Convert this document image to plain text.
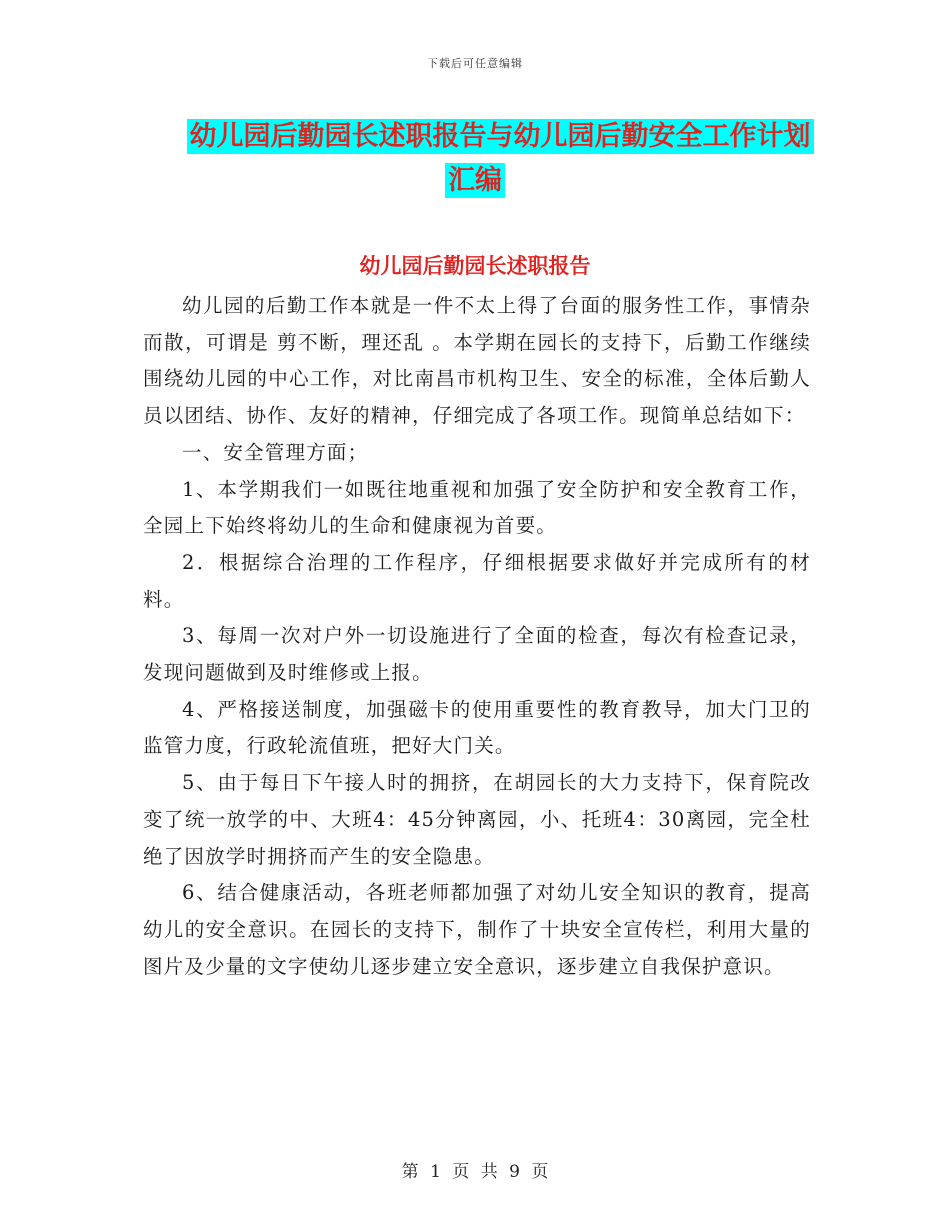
下载后可任意编辑
幼儿园后勤园长述职报告与幼儿园后勤安全工作计划
汇编
幼儿园后勤园长述职报告

幼儿园的后勤工作本就是一件不太上得了台面的服务性工作，事情杂而散，可谓是 剪不断，理还乱 。本学期在园长的支持下，后勤工作继续围绕幼儿园的中心工作，对比南昌市机构卫生、安全的标准，全体后勤人员以团结、协作、友好的精神，仔细完成了各项工作。现简单总结如下：

一、安全管理方面；

1、本学期我们一如既往地重视和加强了安全防护和安全教育工作，全园上下始终将幼儿的生命和健康视为首要。

2．根据综合治理的工作程序，仔细根据要求做好并完成所有的材料。

3、每周一次对户外一切设施进行了全面的检查，每次有检查记录，发现问题做到及时维修或上报。

4、严格接送制度，加强磁卡的使用重要性的教育教导，加大门卫的监管力度，行政轮流值班，把好大门关。

5、由于每日下午接人时的拥挤，在胡园长的大力支持下，保育院改变了统一放学的中、大班4：45分钟离园，小、托班4：30离园，完全杜绝了因放学时拥挤而产生的安全隐患。

6、结合健康活动，各班老师都加强了对幼儿安全知识的教育，提高幼儿的安全意识。在园长的支持下，制作了十块安全宣传栏，利用大量的图片及少量的文字使幼儿逐步建立安全意识，逐步建立自我保护意识。

第 1 页 共 9 页
